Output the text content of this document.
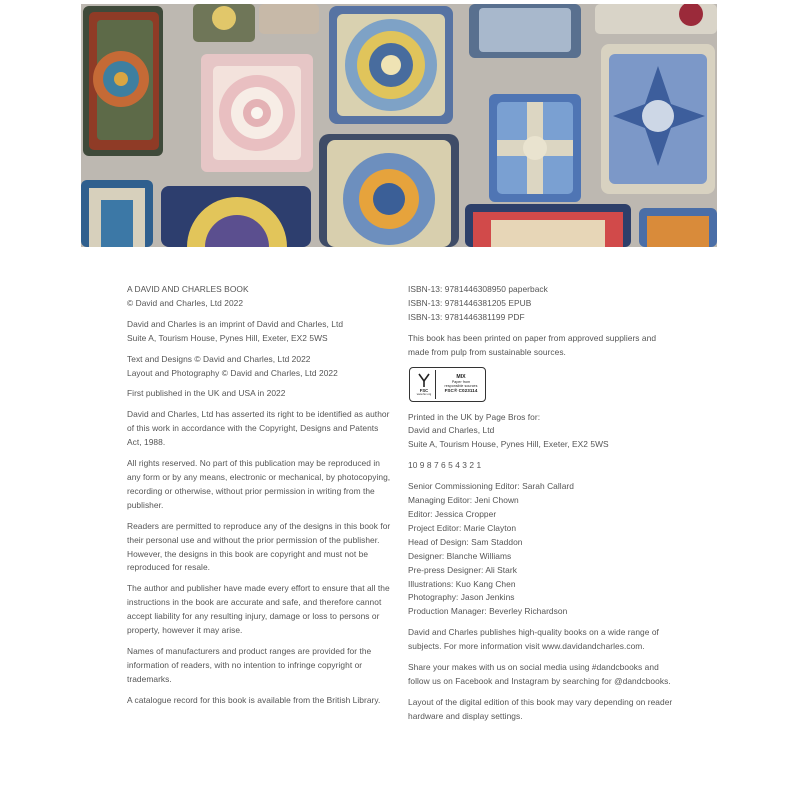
A DAVID AND CHARLES BOOK

© David and Charles, Ltd 2022

David and Charles is an imprint of David and Charles, Ltd
Suite A, Tourism House, Pynes Hill, Exeter, EX2 5WS

Text and Designs © David and Charles, Ltd 2022
Layout and Photography © David and Charles, Ltd 2022

First published in the UK and USA in 2022

David and Charles, Ltd has asserted its right to be identified as author of this work in accordance with the Copyright, Designs and Patents Act, 1988.

All rights reserved. No part of this publication may be reproduced in any form or by any means, electronic or mechanical, by photocopying, recording or otherwise, without prior permission in writing from the publisher.

Readers are permitted to reproduce any of the designs in this book for their personal use and without the prior permission of the publisher. However, the designs in this book are copyright and must not be reproduced for resale.

The author and publisher have made every effort to ensure that all the instructions in the book are accurate and safe, and therefore cannot accept liability for any resulting injury, damage or loss to persons or property, however it may arise.

Names of manufacturers and product ranges are provided for the information of readers, with no intention to infringe copyright or trademarks.

A catalogue record for this book is available from the British Library.

ISBN-13: 9781446308950 paperback

ISBN-13: 9781446381205 EPUB

ISBN-13: 9781446381199 PDF

This book has been printed on paper from approved suppliers and made from pulp from sustainable sources.

FSC
www.fsc.org
MIX
Paper from
responsible sources
FSC® C023114

Printed in the UK by Page Bros for:
David and Charles, Ltd
Suite A, Tourism House, Pynes Hill, Exeter, EX2 5WS

10 9 8 7 6 5 4 3 2 1

Senior Commissioning Editor: Sarah Callard
Managing Editor: Jeni Chown
Editor: Jessica Cropper
Project Editor: Marie Clayton
Head of Design: Sam Staddon
Designer: Blanche Williams
Pre-press Designer: Ali Stark
Illustrations: Kuo Kang Chen
Photography: Jason Jenkins
Production Manager: Beverley Richardson

David and Charles publishes high-quality books on a wide range of subjects. For more information visit www.davidandcharles.com.

Share your makes with us on social media using #dandcbooks and follow us on Facebook and Instagram by searching for @dandcbooks.

Layout of the digital edition of this book may vary depending on reader hardware and display settings.
